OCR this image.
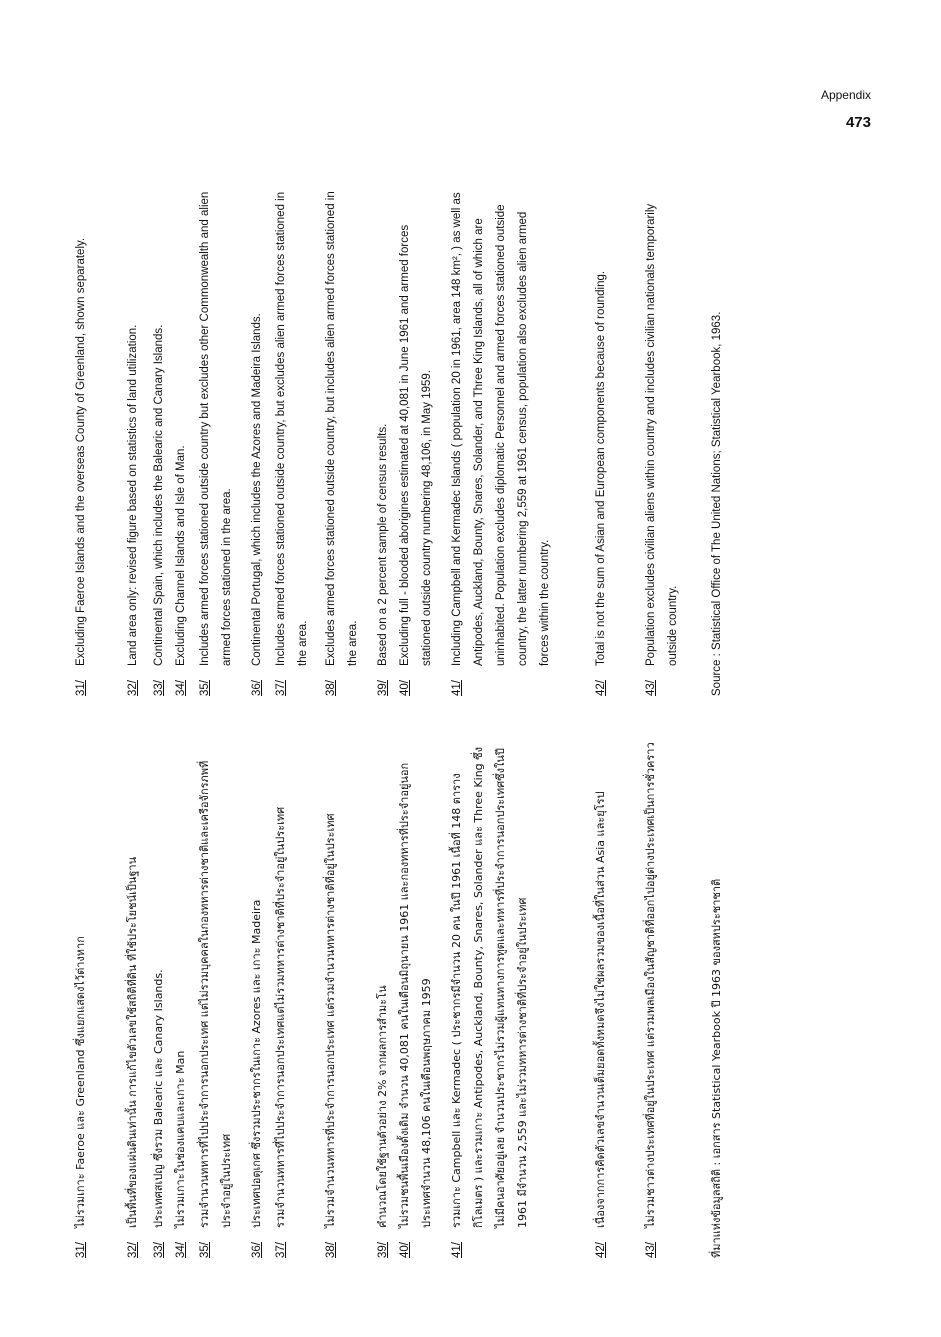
Appendix
473
31/
ไม่รวมเกาะ Faeroe และ Greenland ซึ่งแยกแสดงไว้ต่างหาก
32/
เป็นพื้นที่ของแผ่นดินเท่านั้น การแก้ไขตัวเลขใช้สถิติที่ดิน ที่ใช้ประโยชน์เป็นฐาน
33/
ประเทศสเปญ ซึ่งรวม Balearic และ Canary Islands.
34/
ไม่รวมเกาะในช่องแคบและเกาะ Man
35/
รวมจำนวนทหารที่ไปประจำการนอกประเทศ แต่ไม่รวมบุคคลในกองทหารต่างชาติและเครือจักรภพที่ประจำอยู่ในประเทศ
36/
ประเทศปอตุเกศ ซึ่งรวมประชากรในเกาะ Azores และ เกาะ Madeira
37/
รวมจำนวนทหารที่ไปประจำการนอกประเทศแต่ไม่รวมทหารต่างชาติที่ประจำอยู่ในประเทศ
38/
ไม่รวมจำนวนทหารที่ประจำการนอกประเทศ แต่รวมจำนวนทหารต่างชาติที่อยู่ในประเทศ
39/
คำนวณโดยใช้ฐานตัวอย่าง 2% จากผลการสำมะโน
40/
ไม่รวมชนพื้นเมืองดั้งเดิม จำนวน 40,081 คนในเดือนมิถุนายน 1961 และกองทหารที่ประจำอยู่นอกประเทศจำนวน 48,106 คนในเดือนพฤษภาคม 1959
41/
รวมเกาะ Campbell และ Kermadec ( ประชากรมีจำนวน 20 คน ในปี 1961 เนื้อที่ 148 ตารางกิโลเมตร ) และรวมเกาะ Antipodes, Auckland, Bounty, Snares, Solander และ Three King ซึ่งไม่มีคนอาศัยอยู่เลย จำนวนประชากรไม่รวมผู้แทนทางการทูตและทหารที่ประจำการนอกประเทศซึ่งในปี 1961 มีจำนวน 2,559 และไม่รวมทหารต่างชาติที่ประจำอยู่ในประเทศ
42/
เนื่องจากการคิดตัวเลขจำนวนเต็มยอดทั้งหมดจึงไม่ใช่ผลรวมของเนื้อที่ในส่วน Asia และยุโรป
43/
ไม่รวมชาวต่างประเทศที่อยู่ในประเทศ แต่รวมพลเมืองในสัญชาติที่ออกไปอยู่ต่างประเทศเป็นการชั่วคราว	ที่มาแห่งข้อมูลสถิติ : เอกสาร Statistical Yearbook ปี 1963 ของสหประชาชาติ
31/
Excluding Faeroe Islands and the overseas County of Greenland, shown separately.
32/
Land area only: revised figure based on statistics of land utilization.
33/
Continental Spain, which includes the Balearic and Canary Islands.
34/
Excluding Channel Islands and Isle of Man.
35/
Includes armed forces stationed outside country but excludes other Commonwealth and alien armed forces stationed in the area.
36/
Continental Portugal, which includes the Azores and Madeira Islands.
37/
Includes armed forces stationed outside country, but excludes alien armed forces stationed in the area.
38/
Excludes armed forces stationed outside country, but includes alien armed forces stationed in the area.
39/
Based on a 2 percent sample of census results.
40/
Excluding full - blooded aborigines estimated at 40,081 in June 1961 and armed forces stationed outside country numbering 48,106, in May 1959.
41/
Including Campbell and Kermadec Islands ( population 20 in 1961, area 148 km², ) as well as Antipodes, Auckland, Bounty, Snares, Solander, and Three King Islands, all of which are uninhabited. Population excludes diplomatic Personnel and armed forces stationed outside country, the latter numbering 2,559 at 1961 census, population also excludes alien armed forces within the country.
42/
Total is not the sum of Asian and European components because of rounding.
43/
Population excludes civilian aliens within country and includes civilian nationals temporarily outside country.	Source : Statistical Office of The United Nations; Statistical Yearbook, 1963.
